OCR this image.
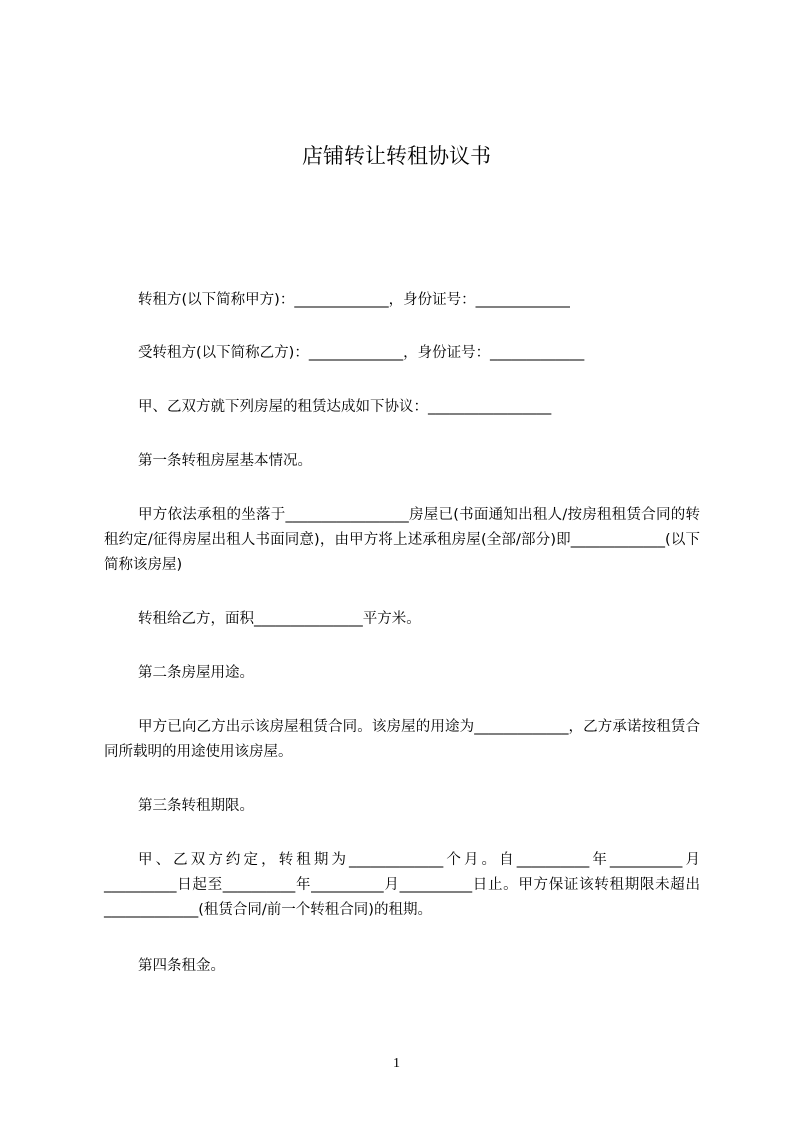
店铺转让转租协议书

转租方(以下简称甲方)：_____________，身份证号：_____________

受转租方(以下简称乙方)：_____________，身份证号：_____________

甲、乙双方就下列房屋的租赁达成如下协议：_________________

第一条转租房屋基本情况。

甲方依法承租的坐落于_________________房屋已(书面通知出租人/按房租租赁合同的转租约定/征得房屋出租人书面同意)，由甲方将上述承租房屋(全部/部分)即_____________(以下简称该房屋)

转租给乙方，面积_______________平方米。

第二条房屋用途。

甲方已向乙方出示该房屋租赁合同。该房屋的用途为_____________，乙方承诺按租赁合同所载明的用途使用该房屋。

第三条转租期限。

甲、乙双方约定，转租期为_____________个月。自__________年__________月__________日起至__________年__________月__________日止。甲方保证该转租期限未超出_____________(租赁合同/前一个转租合同)的租期。

第四条租金。

1
